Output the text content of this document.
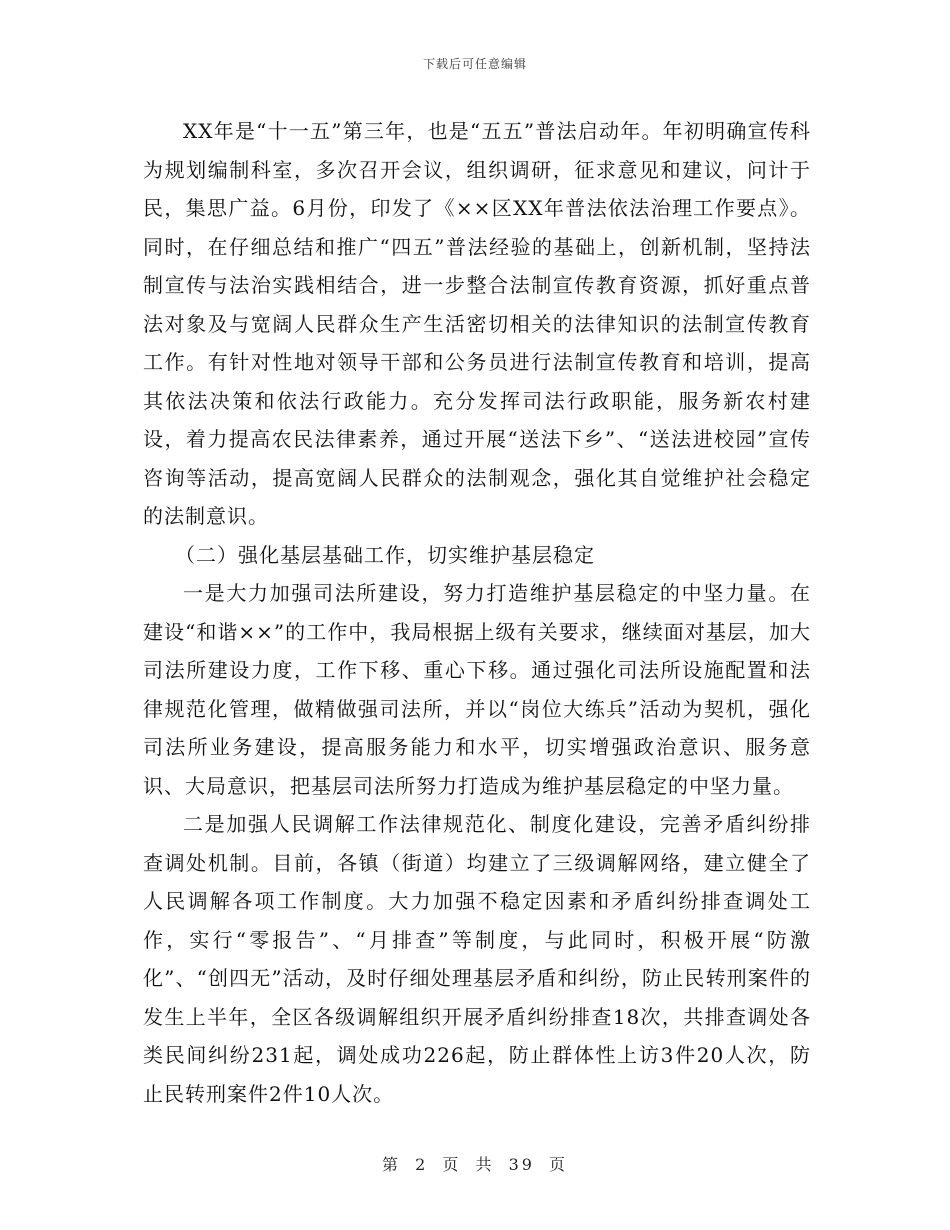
下载后可任意编辑

XX年是“十一五”第三年，也是“五五”普法启动年。年初明确宣传科为规划编制科室，多次召开会议，组织调研，征求意见和建议，问计于民，集思广益。6月份，印发了《××区XX年普法依法治理工作要点》。同时，在仔细总结和推广“四五”普法经验的基础上，创新机制，坚持法制宣传与法治实践相结合，进一步整合法制宣传教育资源，抓好重点普法对象及与宽阔人民群众生产生活密切相关的法律知识的法制宣传教育工作。有针对性地对领导干部和公务员进行法制宣传教育和培训，提高其依法决策和依法行政能力。充分发挥司法行政职能，服务新农村建设，着力提高农民法律素养，通过开展“送法下乡”、“送法进校园”宣传咨询等活动，提高宽阔人民群众的法制观念，强化其自觉维护社会稳定的法制意识。

（二）强化基层基础工作，切实维护基层稳定

一是大力加强司法所建设，努力打造维护基层稳定的中坚力量。在建设“和谐××”的工作中，我局根据上级有关要求，继续面对基层，加大司法所建设力度，工作下移、重心下移。通过强化司法所设施配置和法律规范化管理，做精做强司法所，并以“岗位大练兵”活动为契机，强化司法所业务建设，提高服务能力和水平，切实增强政治意识、服务意识、大局意识，把基层司法所努力打造成为维护基层稳定的中坚力量。

二是加强人民调解工作法律规范化、制度化建设，完善矛盾纠纷排查调处机制。目前，各镇（街道）均建立了三级调解网络，建立健全了人民调解各项工作制度。大力加强不稳定因素和矛盾纠纷排查调处工作，实行“零报告”、“月排查”等制度，与此同时，积极开展“防激化”、“创四无”活动，及时仔细处理基层矛盾和纠纷，防止民转刑案件的发生上半年，全区各级调解组织开展矛盾纠纷排查18次，共排查调处各类民间纠纷231起，调处成功226起，防止群体性上访3件20人次，防止民转刑案件2件10人次。

第 2 页 共 39 页
